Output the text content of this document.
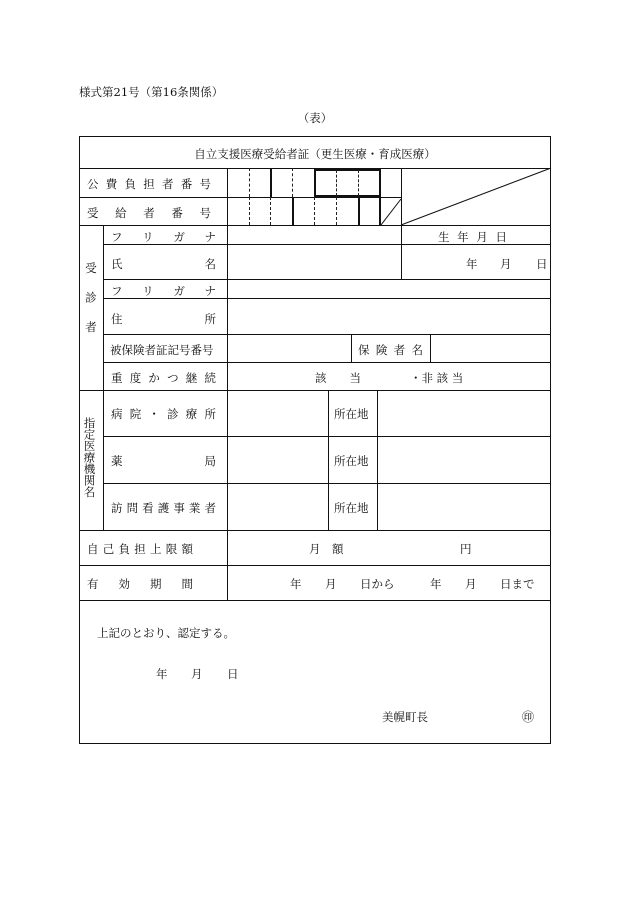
様式第21号（第16条関係）
（表）
自立支援医療受給者証（更生医療・育成医療）
公 費 負 担 者 番 号
受 給 者 番 号
受診者
フ リ ガ ナ
氏	名
生 年 月 日
年 月 日
フ リ ガ ナ
住	所
被保険者証記号番号	保 険 者 名
重 度 か つ 継 続	該　　当	・非 該 当
指定医療機関名
病 院 ・ 診 療 所	所在地
薬	局	所在地
訪 問 看 護 事 業 者	所在地
自 己 負 担 上 限 額	月　額	円
有 効 期 間	年 月 日から	年 月 日まで
上記のとおり、認定する。
年 月 日
美幌町長	㊞
